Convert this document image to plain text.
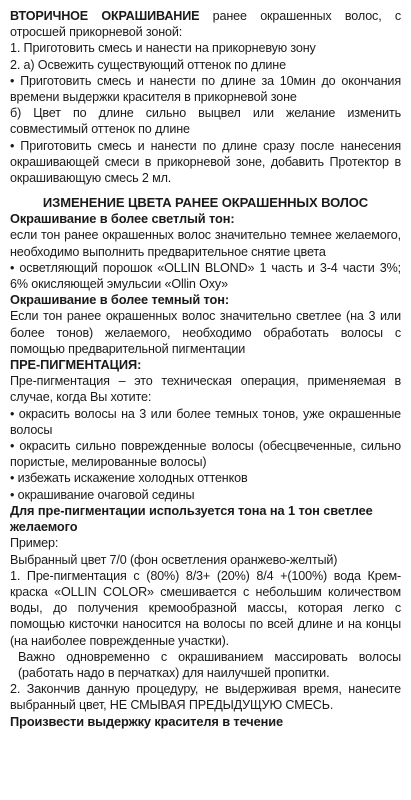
ВТОРИЧНОЕ ОКРАШИВАНИЕ ранее окрашенных волос, с отросшей прикорневой зоной:

1. Приготовить смесь и нанести на прикорневую зону

2. а) Освежить существующий оттенок по длине

• Приготовить смесь и нанести по длине за 10мин до окончания времени выдержки красителя в прикорневой зоне

б) Цвет по длине сильно выцвел или желание изменить совместимый оттенок по длине

• Приготовить смесь и нанести по длине сразу после нанесения окрашивающей смеси в прикорневой зоне, добавить Протектор в окрашивающую смесь 2 мл.

ИЗМЕНЕНИЕ ЦВЕТА РАНЕЕ ОКРАШЕННЫХ ВОЛОС

Окрашивание в более светлый тон:

если тон ранее окрашенных волос значительно темнее желаемого, необходимо выполнить предварительное снятие цвета

• осветляющий порошок «OLLIN BLOND» 1 часть и 3-4 части 3%; 6% окисляющей эмульсии «Ollin Oxy»

Окрашивание в более темный тон:

Если тон ранее окрашенных волос значительно светлее (на 3 или более тонов) желаемого, необходимо обработать волосы с помощью предварительной пигментации

ПРЕ-ПИГМЕНТАЦИЯ:

Пре-пигментация – это техническая операция, применяемая в случае, когда Вы хотите:

• окрасить волосы на 3 или более темных тонов, уже окрашенные волосы

• окрасить сильно поврежденные волосы (обесцвеченные, сильно пористые, мелированные волосы)

• избежать искажение холодных оттенков

• окрашивание очаговой седины

Для пре-пигментации используется тона на 1 тон светлее желаемого

Пример:

Выбранный цвет 7/0 (фон осветления оранжево-желтый)

1. Пре-пигментация с (80%) 8/3+ (20%) 8/4 +(100%) вода Крем-краска «OLLIN COLOR» смешивается с небольшим количеством воды, до получения кремообразной массы, которая легко с помощью кисточки наносится на волосы по всей длине и на концы (на наиболее поврежденные участки).

Важно одновременно с окрашиванием массировать волосы (работать надо в перчатках) для наилучшей пропитки.

2. Закончив данную процедуру, не выдерживая время, нанесите выбранный цвет, НЕ СМЫВАЯ ПРЕДЫДУЩУЮ СМЕСЬ.

Произвести выдержку красителя в течение
